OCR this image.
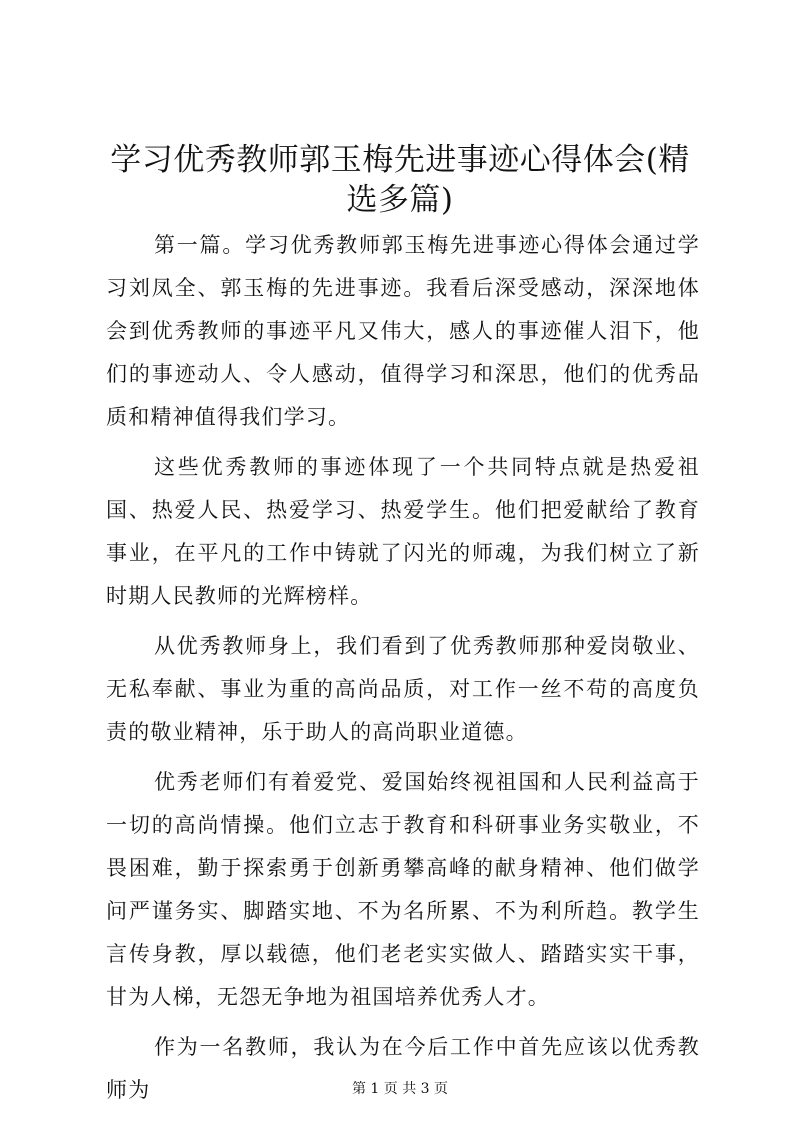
学习优秀教师郭玉梅先进事迹心得体会(精选多篇)

第一篇。学习优秀教师郭玉梅先进事迹心得体会通过学习刘凤全、郭玉梅的先进事迹。我看后深受感动，深深地体会到优秀教师的事迹平凡又伟大，感人的事迹催人泪下，他们的事迹动人、令人感动，值得学习和深思，他们的优秀品质和精神值得我们学习。

这些优秀教师的事迹体现了一个共同特点就是热爱祖国、热爱人民、热爱学习、热爱学生。他们把爱献给了教育事业，在平凡的工作中铸就了闪光的师魂，为我们树立了新时期人民教师的光辉榜样。

从优秀教师身上，我们看到了优秀教师那种爱岗敬业、无私奉献、事业为重的高尚品质，对工作一丝不苟的高度负责的敬业精神，乐于助人的高尚职业道德。

优秀老师们有着爱党、爱国始终视祖国和人民利益高于一切的高尚情操。他们立志于教育和科研事业务实敬业，不畏困难，勤于探索勇于创新勇攀高峰的献身精神、他们做学问严谨务实、脚踏实地、不为名所累、不为利所趋。教学生言传身教，厚以载德，他们老老实实做人、踏踏实实干事，甘为人梯，无怨无争地为祖国培养优秀人才。

作为一名教师，我认为在今后工作中首先应该以优秀教师为	第 1 页 共 3 页
